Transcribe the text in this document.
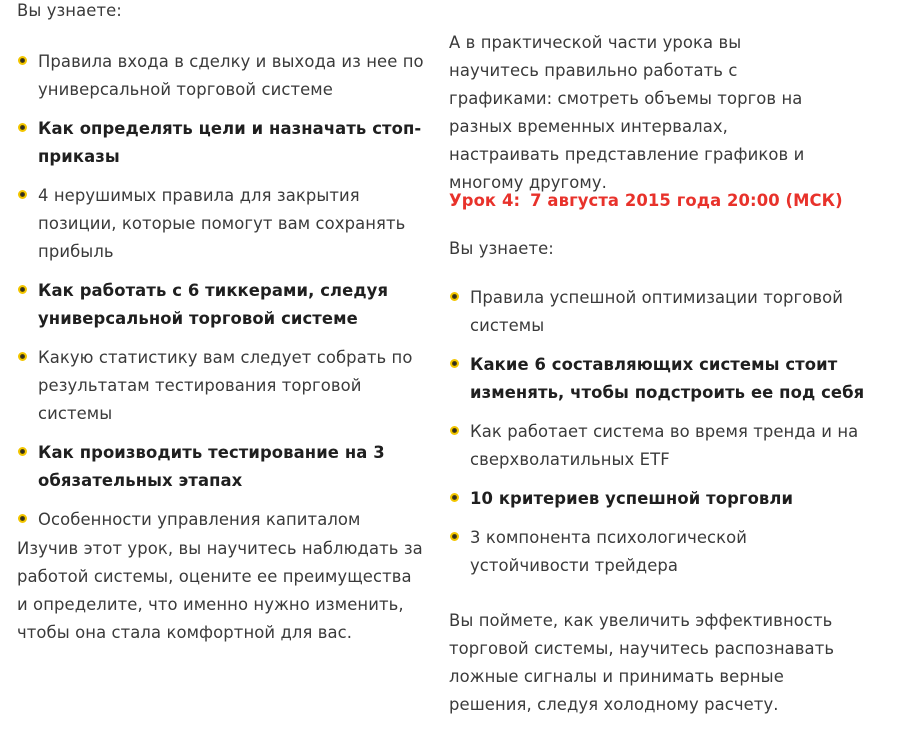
Вы узнаете:

Правила входа в сделку и выхода из нее по универсальной торговой системе
Как определять цели и назначать стоп-приказы
4 нерушимых правила для закрытия позиции, которые помогут вам сохранять прибыль
Как работать с 6 тиккерами, следуя универсальной торговой системе
Какую статистику вам следует собрать по результатам тестирования торговой системы
Как производить тестирование на 3 обязательных этапах
Особенности управления капиталом

Изучив этот урок, вы научитесь наблюдать за работой системы, оцените ее преимущества и определите, что именно нужно изменить, чтобы она стала комфортной для вас.

А в практической части урока вы научитесь правильно работать с графиками: смотреть объемы торгов на разных временных интервалах, настраивать представление графиков и многому другому.

Урок 4: 7 августа 2015 года 20:00 (МСК)

Вы узнаете:

Правила успешной оптимизации торговой системы
Какие 6 составляющих системы стоит изменять, чтобы подстроить ее под себя
Как работает система во время тренда и на сверхволатильных ETF
10 критериев успешной торговли
3 компонента психологической устойчивости трейдера

Вы поймете, как увеличить эффективность торговой системы, научитесь распознавать ложные сигналы и принимать верные решения, следуя холодному расчету.
